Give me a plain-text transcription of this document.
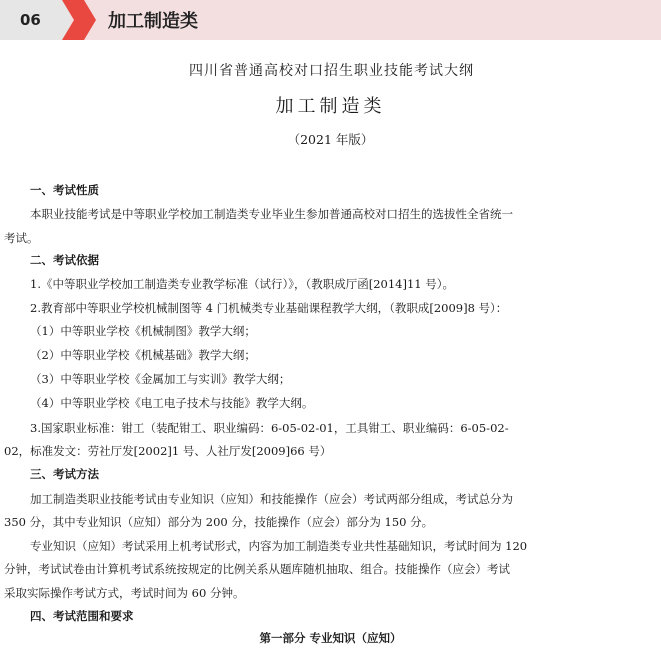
06	加工制造类
四川省普通高校对口招生职业技能考试大纲
加工制造类
（2021 年版）
一、考试性质
本职业技能考试是中等职业学校加工制造类专业毕业生参加普通高校对口招生的选拔性全省统一
考试。
二、考试依据
1.《中等职业学校加工制造类专业教学标准（试行）》，（教职成厅函[2014]11 号）。
2.教育部中等职业学校机械制图等 4 门机械类专业基础课程教学大纲，（教职成[2009]8 号）：
（1）中等职业学校《机械制图》教学大纲；
（2）中等职业学校《机械基础》教学大纲；
（3）中等职业学校《金属加工与实训》教学大纲；
（4）中等职业学校《电工电子技术与技能》教学大纲。
3.国家职业标准：钳工（装配钳工、职业编码：6-05-02-01，工具钳工、职业编码：6-05-02-
02，标准发文：劳社厅发[2002]1 号、人社厅发[2009]66 号）
三、考试方法
加工制造类职业技能考试由专业知识（应知）和技能操作（应会）考试两部分组成，考试总分为
350 分，其中专业知识（应知）部分为 200 分，技能操作（应会）部分为 150 分。
专业知识（应知）考试采用上机考试形式，内容为加工制造类专业共性基础知识，考试时间为 120
分钟，考试试卷由计算机考试系统按规定的比例关系从题库随机抽取、组合。技能操作（应会）考试
采取实际操作考试方式，考试时间为 60 分钟。
四、考试范围和要求
第一部分 专业知识（应知）
